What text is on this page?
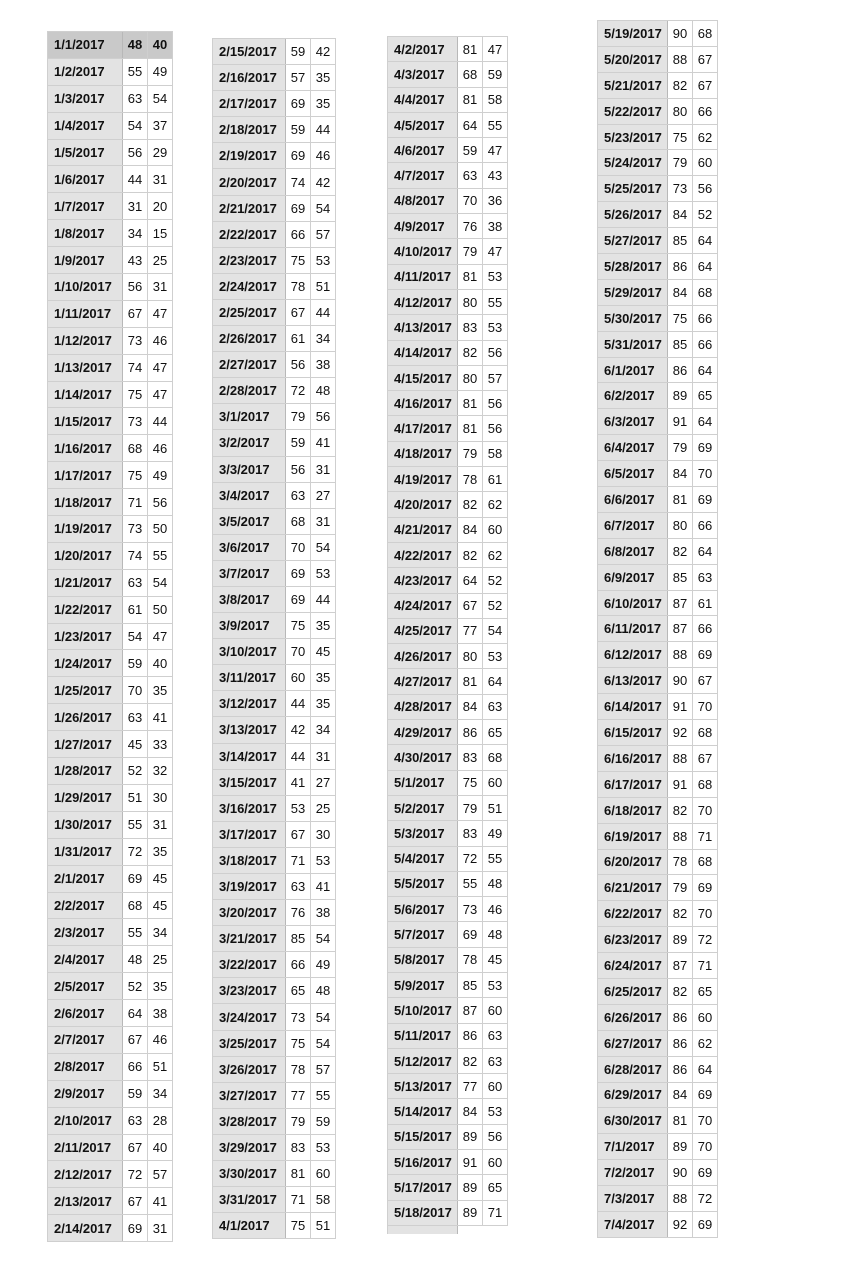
1/1/2017	48 40
1/2/2017	55 49
1/3/2017	63 54
1/4/2017	54 37
1/5/2017	56 29
1/6/2017	44 31
1/7/2017	31 20
1/8/2017	34 15
1/9/2017	43 25
1/10/2017	56 31
1/11/2017	67 47
1/12/2017	73 46
1/13/2017	74 47
1/14/2017	75 47
1/15/2017	73 44
1/16/2017	68 46
1/17/2017	75 49
1/18/2017	71 56
1/19/2017	73 50
1/20/2017	74 55
1/21/2017	63 54
1/22/2017	61 50
1/23/2017	54 47
1/24/2017	59 40
1/25/2017	70 35
1/26/2017	63 41
1/27/2017	45 33
1/28/2017	52 32
1/29/2017	51 30
1/30/2017	55 31
1/31/2017	72 35
2/1/2017	69 45
2/2/2017	68 45
2/3/2017	55 34
2/4/2017	48 25
2/5/2017	52 35
2/6/2017	64 38
2/7/2017	67 46
2/8/2017	66 51
2/9/2017	59 34
2/10/2017	63 28
2/11/2017	67 40
2/12/2017	72 57
2/13/2017	67 41
2/14/2017	69 31
2/15/2017	59 42
2/16/2017	57 35
2/17/2017	69 35
2/18/2017	59 44
2/19/2017	69 46
2/20/2017	74 42
2/21/2017	69 54
2/22/2017	66 57
2/23/2017	75 53
2/24/2017	78 51
2/25/2017	67 44
2/26/2017	61 34
2/27/2017	56 38
2/28/2017	72 48
3/1/2017	79 56
3/2/2017	59 41
3/3/2017	56 31
3/4/2017	63 27
3/5/2017	68 31
3/6/2017	70 54
3/7/2017	69 53
3/8/2017	69 44
3/9/2017	75 35
3/10/2017	70 45
3/11/2017	60 35
3/12/2017	44 35
3/13/2017	42 34
3/14/2017	44 31
3/15/2017	41 27
3/16/2017	53 25
3/17/2017	67 30
3/18/2017	71 53
3/19/2017	63 41
3/20/2017	76 38
3/21/2017	85 54
3/22/2017	66 49
3/23/2017	65 48
3/24/2017	73 54
3/25/2017	75 54
3/26/2017	78 57
3/27/2017	77 55
3/28/2017	79 59
3/29/2017	83 53
3/30/2017	81 60
3/31/2017	71 58
4/1/2017	75 51
4/2/2017	81 47
4/3/2017	68 59
4/4/2017	81 58
4/5/2017	64 55
4/6/2017	59 47
4/7/2017	63 43
4/8/2017	70 36
4/9/2017	76 38
4/10/2017 79 47
4/11/2017 81 53
4/12/2017 80 55
4/13/2017 83 53
4/14/2017 82 56
4/15/2017 80 57
4/16/2017 81 56
4/17/2017 81 56
4/18/2017 79 58
4/19/2017 78 61
4/20/2017 82 62
4/21/2017 84 60
4/22/2017 82 62
4/23/2017 64 52
4/24/2017 67 52
4/25/2017 77 54
4/26/2017 80 53
4/27/2017 81 64
4/28/2017 84 63
4/29/2017 86 65
4/30/2017 83 68
5/1/2017	75 60
5/2/2017	79 51
5/3/2017	83 49
5/4/2017	72 55
5/5/2017	55 48
5/6/2017	73 46
5/7/2017	69 48
5/8/2017	78 45
5/9/2017	85 53
5/10/2017 87 60
5/11/2017 86 63
5/12/2017 82 63
5/13/2017 77 60
5/14/2017 84 53
5/15/2017 89 56
5/16/2017 91 60
5/17/2017 89 65
5/18/2017 89 71
5/19/2017 90 68
5/20/2017 88 67
5/21/2017 82 67
5/22/2017 80 66
5/23/2017 75 62
5/24/2017 79 60
5/25/2017 73 56
5/26/2017 84 52
5/27/2017 85 64
5/28/2017 86 64
5/29/2017 84 68
5/30/2017 75 66
5/31/2017 85 66
6/1/2017	86 64
6/2/2017	89 65
6/3/2017	91 64
6/4/2017	79 69
6/5/2017	84 70
6/6/2017	81 69
6/7/2017	80 66
6/8/2017	82 64
6/9/2017	85 63
6/10/2017 87 61
6/11/2017 87 66
6/12/2017 88 69
6/13/2017 90 67
6/14/2017 91 70
6/15/2017 92 68
6/16/2017 88 67
6/17/2017 91 68
6/18/2017 82 70
6/19/2017 88 71
6/20/2017 78 68
6/21/2017 79 69
6/22/2017 82 70
6/23/2017 89 72
6/24/2017 87 71
6/25/2017 82 65
6/26/2017 86 60
6/27/2017 86 62
6/28/2017 86 64
6/29/2017 84 69
6/30/2017 81 70
7/1/2017	89 70
7/2/2017	90 69
7/3/2017	88 72
7/4/2017	92 69
